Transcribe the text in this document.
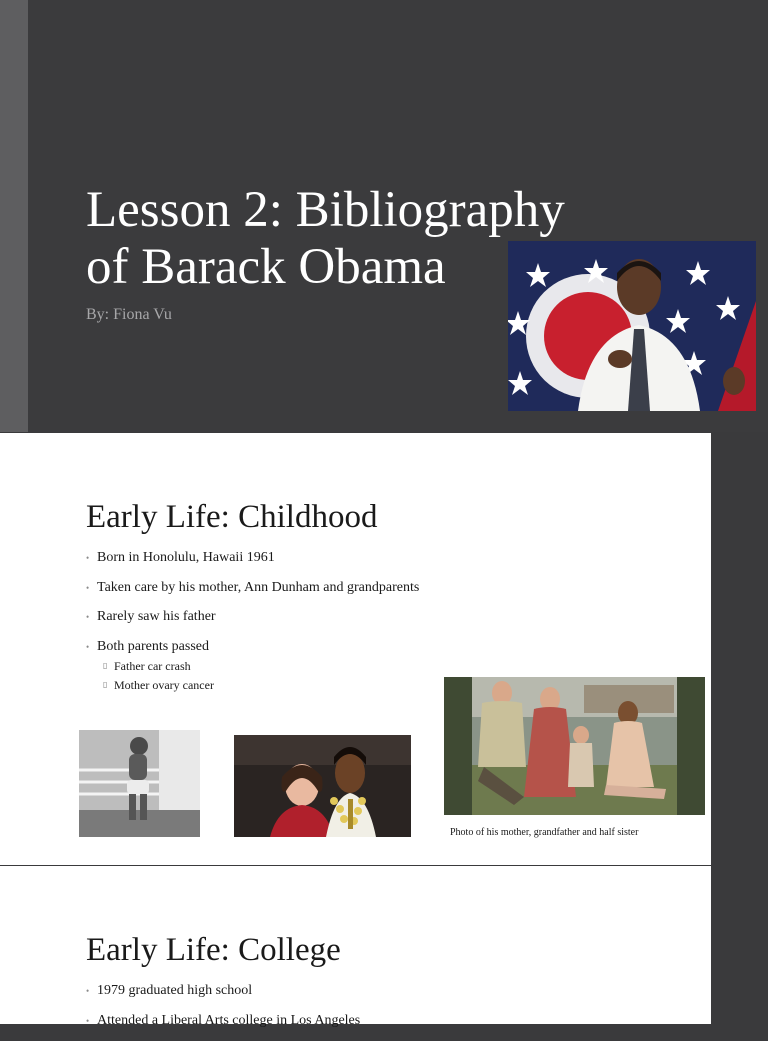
Lesson 2: Bibliography
of Barack Obama
By: Fiona Vu
Early Life: Childhood
• Born in Honolulu, Hawaii 1961
• Taken care by his mother, Ann Dunham and grandparents
• Rarely saw his father
• Both parents passed
▯ Father car crash
▯ Mother ovary cancer
Photo of his mother, grandfather and half sister
Early Life: College
• 1979 graduated high school
• Attended a Liberal Arts college in Los Angeles
